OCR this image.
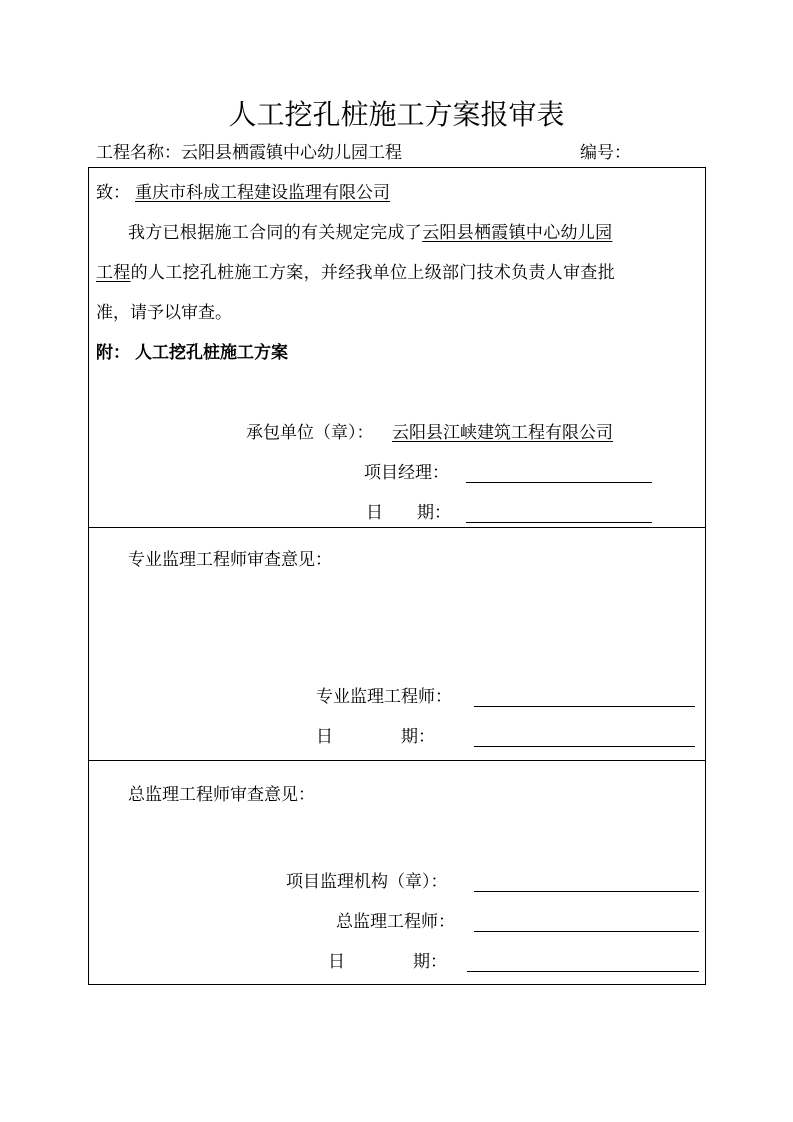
人工挖孔桩施工方案报审表
工程名称： 云阳县栖霞镇中心幼儿园工程	编号：
致： 重庆市科成工程建设监理有限公司
我方已根据施工合同的有关规定完成了云阳县栖霞镇中心幼儿园
工程的人工挖孔桩施工方案，并经我单位上级部门技术负责人审查批
准，请予以审查。
附： 人工挖孔桩施工方案
承包单位（章）： 云阳县江峡建筑工程有限公司
项目经理：
日　　期：
专业监理工程师审查意见：
专业监理工程师：
日　　　　期：
总监理工程师审查意见：
项目监理机构（章）：
总监理工程师：
日　　　　期：
